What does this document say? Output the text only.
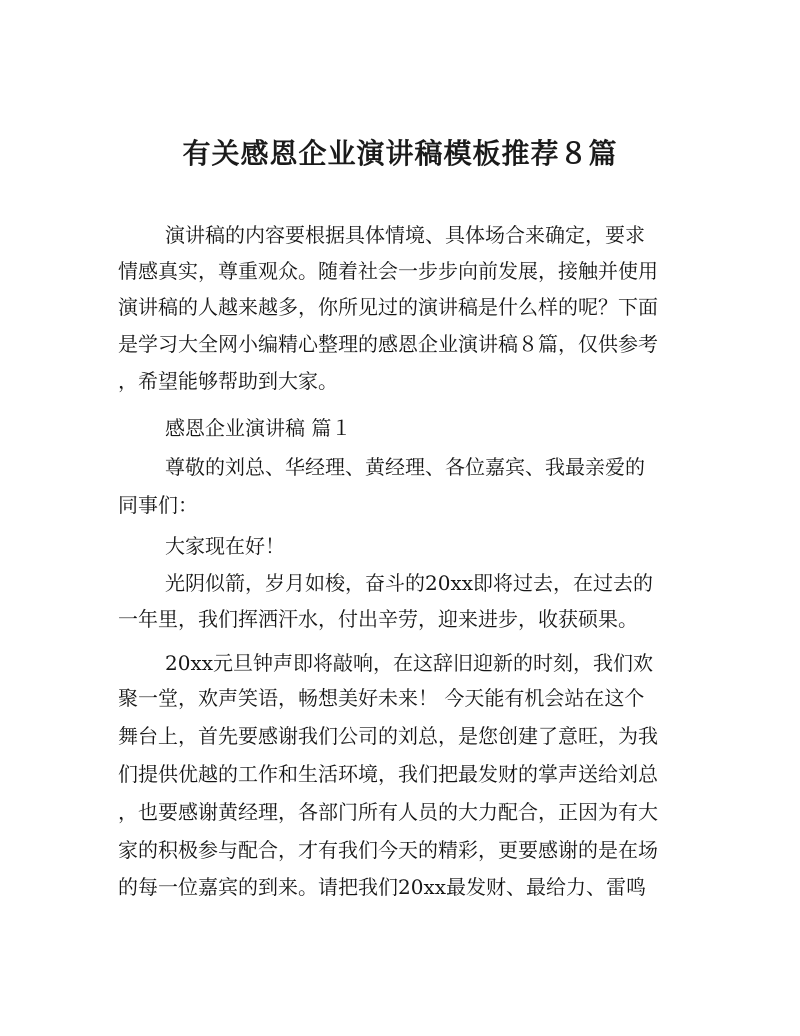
有关感恩企业演讲稿模板推荐８篇

演讲稿的内容要根据具体情境、具体场合来确定，要求

情感真实，尊重观众。随着社会一步步向前发展，接触并使用

演讲稿的人越来越多，你所见过的演讲稿是什么样的呢？下面

是学习大全网小编精心整理的感恩企业演讲稿８篇，仅供参考

，希望能够帮助到大家。

感恩企业演讲稿 篇１

尊敬的刘总、华经理、黄经理、各位嘉宾、我最亲爱的

同事们：

大家现在好！

光阴似箭，岁月如梭，奋斗的20xx即将过去，在过去的

一年里，我们挥洒汗水，付出辛劳，迎来进步，收获硕果。

20xx元旦钟声即将敲响，在这辞旧迎新的时刻，我们欢

聚一堂，欢声笑语，畅想美好未来！ 今天能有机会站在这个

舞台上，首先要感谢我们公司的刘总，是您创建了意旺，为我

们提供优越的工作和生活环境，我们把最发财的掌声送给刘总

，也要感谢黄经理，各部门所有人员的大力配合，正因为有大

家的积极参与配合，才有我们今天的精彩，更要感谢的是在场

的每一位嘉宾的到来。请把我们20xx最发财、最给力、雷鸣
